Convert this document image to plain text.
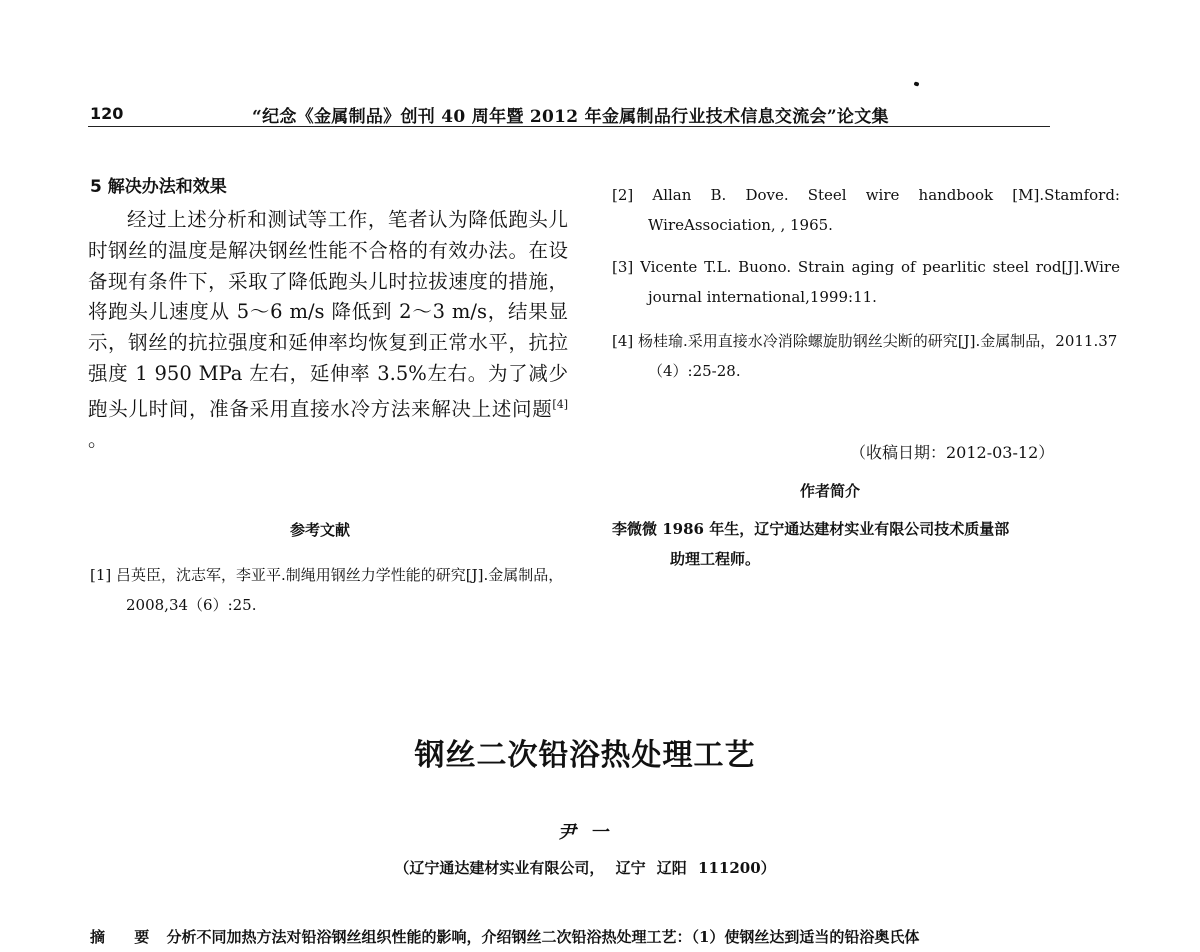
120	“纪念《金属制品》创刊 40 周年暨 2012 年金属制品行业技术信息交流会”论文集
5 解决办法和效果
经过上述分析和测试等工作，笔者认为降低跑头儿时钢丝的温度是解决钢丝性能不合格的有效办法。在设备现有条件下，采取了降低跑头儿时拉拔速度的措施，将跑头儿速度从 5～6 m/s 降低到 2～3 m/s，结果显示，钢丝的抗拉强度和延伸率均恢复到正常水平，抗拉强度 1 950 MPa 左右，延伸率 3.5%左右。为了减少跑头儿时间，准备采用直接水冷方法来解决上述问题[4] 。
参考文献
[1] 吕英臣，沈志军，李亚平.制绳用钢丝力学性能的研究[J].金属制品，2008,34（6）:25.
[2] Allan B. Dove. Steel wire handbook [M].Stamford: WireAssociation, , 1965.
[3] Vicente T.L. Buono. Strain aging of pearlitic steel rod[J].Wire journal international,1999:11.
[4] 杨桂瑜.采用直接水冷消除螺旋肋钢丝尖断的研究[J].金属制品，2011.37（4）:25-28.
（收稿日期：2012-03-12）
作者简介
李微微 1986 年生，辽宁通达建材实业有限公司技术质量部
助理工程师。
钢丝二次铅浴热处理工艺
尹 一
（辽宁通达建材实业有限公司， 辽宁 辽阳 111200）
摘 要 分析不同加热方法对铅浴钢丝组织性能的影响，介绍钢丝二次铅浴热处理工艺：（1）使钢丝达到适当的铅浴奥氏体
